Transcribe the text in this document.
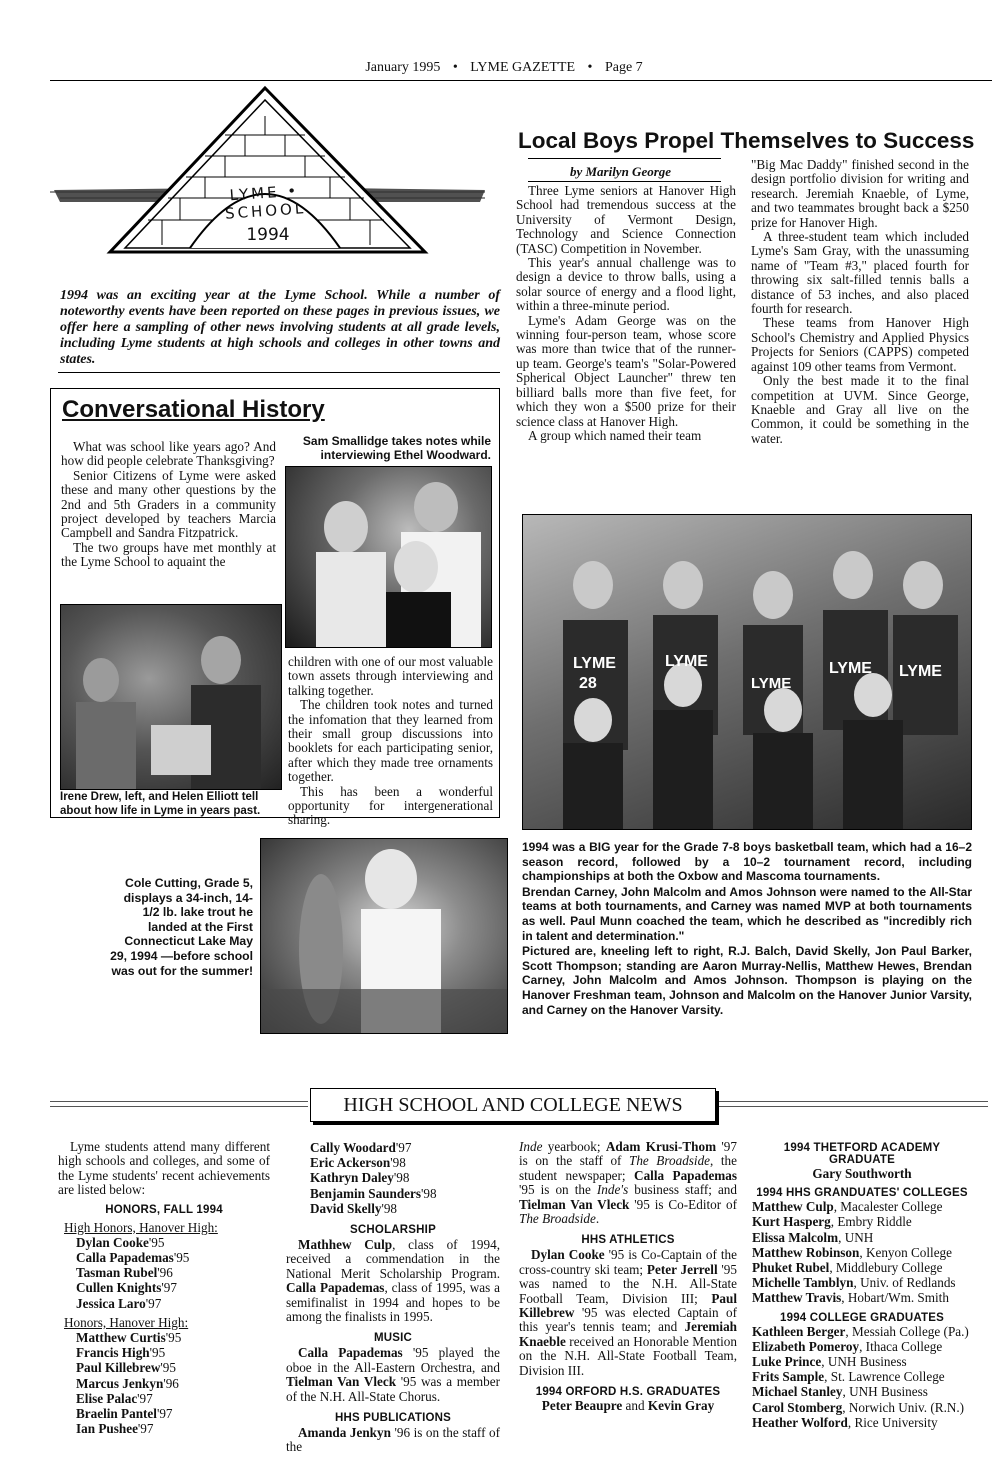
January 1995 • LYME GAZETTE • Page 7
LYME • SCHOOL
1994
1994 was an exciting year at the Lyme School. While a number of noteworthy events have been reported on these pages in previous issues, we offer here a sampling of other news involving students at all grade levels, including Lyme students at high schools and colleges in other towns and states.
Conversational History

What was school like years ago? And how did people celebrate Thanksgiving?

Senior Citizens of Lyme were asked these and many other questions by the 2nd and 5th Graders in a community project developed by teachers Marcia Campbell and Sandra Fitzpatrick.

The two groups have met monthly at the Lyme School to aquaint the

Sam Smallidge takes notes while interviewing Ethel Woodward.
Irene Drew, left, and Helen Elliott tell about how life in Lyme in years past.

children with one of our most valuable town assets through interviewing and talking together.

The children took notes and turned the infomation that they learned from their small group discussions into booklets for each participating senior, after which they made tree ornaments together.

This has been a wonderful opportunity for intergenerational sharing.

Local Boys Propel Themselves to Success
by Marilyn George

Three Lyme seniors at Hanover High School had tremendous success at the University of Vermont Design, Technology and Science Connection (TASC) Competition in November.

This year's annual challenge was to design a device to throw balls, using a solar source of energy and a flood light, within a three-minute period.

Lyme's Adam George was on the winning four-person team, whose score was more than twice that of the runner-up team. George's team's "Solar-Powered Spherical Object Launcher" threw ten billiard balls more than five feet, for which they won a $500 prize for their science class at Hanover High.

A group which named their team

"Big Mac Daddy" finished second in the design portfolio division for writing and research. Jeremiah Knaeble, of Lyme, and two teammates brought back a $250 prize for Hanover High.

A three-student team which included Lyme's Sam Gray, with the unassuming name of "Team #3," placed fourth for throwing six salt-filled tennis balls a distance of 53 inches, and also placed fourth for research.

These teams from Hanover High School's Chemistry and Applied Physics Projects for Seniors (CAPPS) competed against 109 other teams from Vermont.

Only the best made it to the final competition at UVM. Since George, Knaeble and Gray all live on the Common, it could be something in the water.

LYME
28
LYME
LYME
LYME LYME

1994 was a BIG year for the Grade 7-8 boys basketball team, which had a 16–2 season record, followed by a 10–2 tournament record, including championships at both the Oxbow and Mascoma tournaments.

Brendan Carney, John Malcolm and Amos Johnson were named to the All-Star teams at both tournaments, and Carney was named MVP at both tournaments as well. Paul Munn coached the team, which he described as "incredibly rich in talent and determination."

Pictured are, kneeling left to right, R.J. Balch, David Skelly, Jon Paul Barker, Scott Thompson; standing are Aaron Murray-Nellis, Matthew Hewes, Brendan Carney, John Malcolm and Amos Johnson. Thompson is playing on the Hanover Freshman team, Johnson and Malcolm on the Hanover Junior Varsity, and Carney on the Hanover Varsity.

Cole Cutting, Grade 5, displays a 34-inch, 14-1/2 lb. lake trout he landed at the First Connecticut Lake May 29, 1994 —before school was out for the summer!
HIGH SCHOOL AND COLLEGE NEWS

Lyme students attend many different high schools and colleges, and some of the Lyme students' recent achievements are listed below:

HONORS, FALL 1994
High Honors, Hanover High:
Dylan Cooke'95
Calla Papademas'95
Tasman Rubel'96
Cullen Knights'97
Jessica Laro'97
Honors, Hanover High:
Matthew Curtis'95
Francis High'95
Paul Killebrew'95
Marcus Jenkyn'96
Elise Palac'97
Braelin Pantel'97
Ian Pushee'97
Cally Woodard'97
Eric Ackerson'98
Kathryn Daley'98
Benjamin Saunders'98
David Skelly'98
SCHOLARSHIP

Mathhew Culp, class of 1994, received a commendation in the National Merit Scholarship Program. Calla Papademas, class of 1995, was a semifinalist in 1994 and hopes to be among the finalists in 1995.

MUSIC

Calla Papademas '95 played the oboe in the All-Eastern Orchestra, and Tielman Van Vleck '95 was a member of the N.H. All-State Chorus.

HHS PUBLICATIONS

Amanda Jenkyn '96 is on the staff of the

Inde yearbook; Adam Krusi-Thom '97 is on the staff of The Broadside, the student newspaper; Calla Papademas '95 is on the Inde's business staff; and Tielman Van Vleck '95 is Co-Editor of The Broadside.

HHS ATHLETICS

Dylan Cooke '95 is Co-Captain of the cross-country ski team; Peter Jerrell '95 was named to the N.H. All-State Football Team, Division III; Paul Killebrew '95 was elected Captain of this year's tennis team; and Jeremiah Knaeble received an Honorable Mention on the N.H. All-State Football Team, Division III.

1994 ORFORD H.S. GRADUATES
Peter Beaupre and Kevin Gray
1994 THETFORD ACADEMY GRADUATE
Gary Southworth
1994 HHS GRANDUATES' COLLEGES
Matthew Culp, Macalester College
Kurt Hasperg, Embry Riddle
Elissa Malcolm, UNH
Matthew Robinson, Kenyon College
Phuket Rubel, Middlebury College
Michelle Tamblyn, Univ. of Redlands
Matthew Travis, Hobart/Wm. Smith
1994 COLLEGE GRADUATES
Kathleen Berger, Messiah College (Pa.)
Elizabeth Pomeroy, Ithaca College
Luke Prince, UNH Business
Frits Sample, St. Lawrence College
Michael Stanley, UNH Business
Carol Stomberg, Norwich Univ. (R.N.)
Heather Wolford, Rice University
